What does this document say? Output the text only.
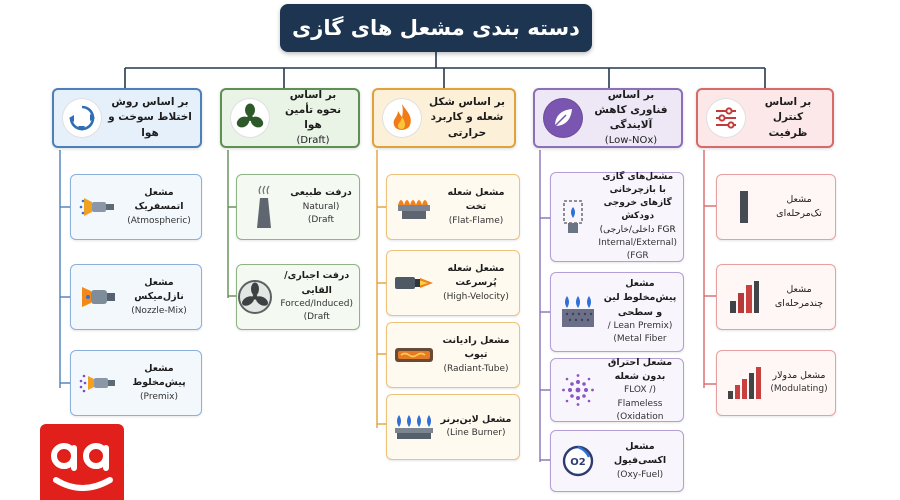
دسته بندی مشعل های گازی
بر اساس روش اختلاط سوخت و هوا
مشعل اتمسفریک
(Atmospheric)
مشعل نازل‌میکس
(Nozzle-Mix)
مشعل پیش‌مخلوط
(Premix)
بر اساس نحوه تأمین هوا
(Draft)
درفت طبیعی
(Natural Draft)
درفت اجباری/القایی
(Forced/Induced Draft)
بر اساس شکل شعله و کاربرد حرارتی
مشعل شعله تخت
(Flat-Flame)
مشعل شعله پُرسرعت
(High-Velocity)
مشعل رادیانت تیوب
(Radiant-Tube)
مشعل لاین‌برنر
(Line Burner)
بر اساس فناوری کاهش آلایندگی
(Low-NOx)
مشعل‌های گازی با بازچرخانی گازهای خروجی دودکش
FGR داخلی/خارجی)
(Internal/External FGR)
مشعل پیش‌مخلوط لین و سطحی
(Lean Premix /
Metal Fiber)
مشعل احتراق بدون شعله
(FLOX / Flameless
Oxidation)
مشعل اکسی‌فیول
(Oxy-Fuel)
O2
بر اساس کنترل ظرفیت
مشعل تک‌مرحله‌ای
مشعل چندمرحله‌ای
مشعل مدولار
(Modulating)
